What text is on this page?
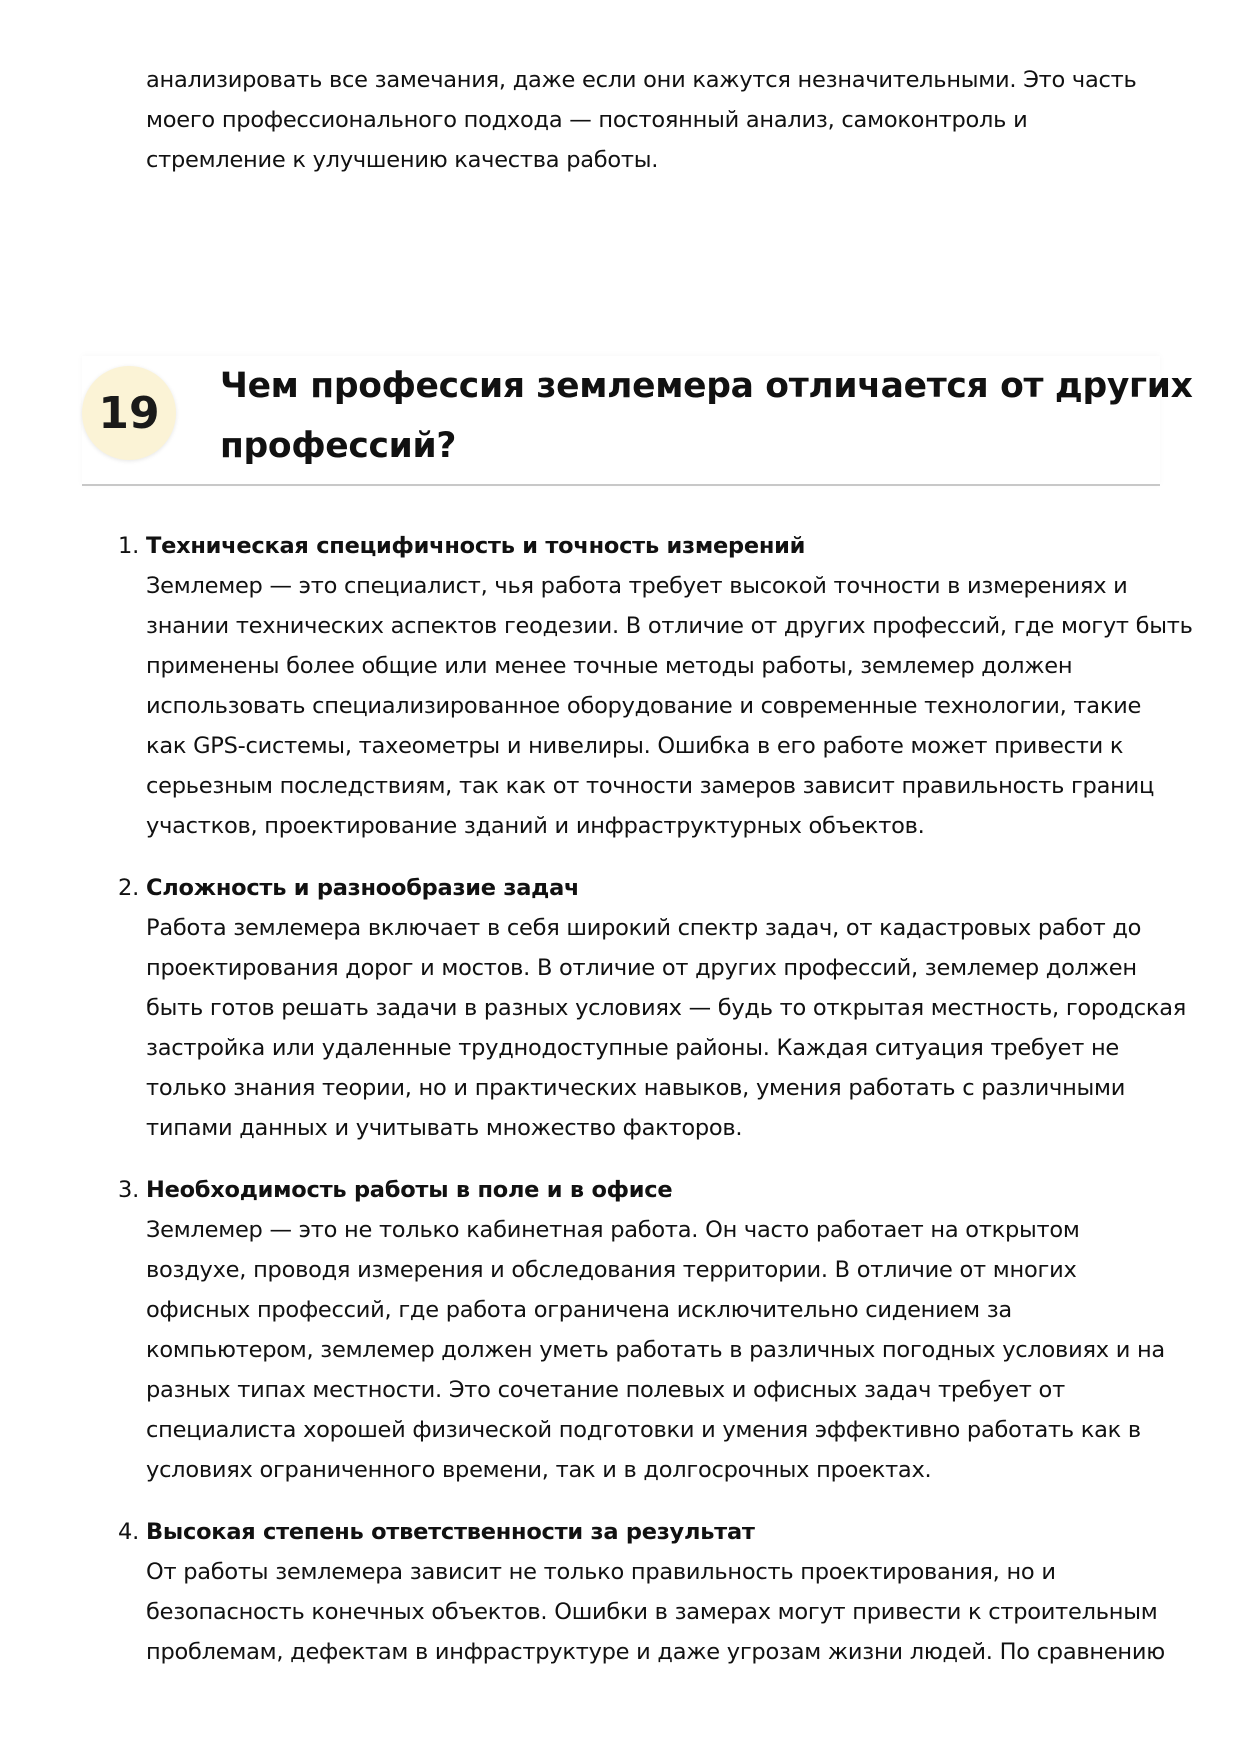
анализировать все замечания, даже если они кажутся незначительными. Это часть
моего профессионального подхода — постоянный анализ, самоконтроль и
стремление к улучшению качества работы.

19
Чем профессия землемера отличается от других
профессий?
1. Техническая специфичность и точность измерений
Землемер — это специалист, чья работа требует высокой точности в измерениях и
знании технических аспектов геодезии. В отличие от других профессий, где могут быть
применены более общие или менее точные методы работы, землемер должен
использовать специализированное оборудование и современные технологии, такие
как GPS-системы, тахеометры и нивелиры. Ошибка в его работе может привести к
серьезным последствиям, так как от точности замеров зависит правильность границ
участков, проектирование зданий и инфраструктурных объектов.
2. Сложность и разнообразие задач
Работа землемера включает в себя широкий спектр задач, от кадастровых работ до
проектирования дорог и мостов. В отличие от других профессий, землемер должен
быть готов решать задачи в разных условиях — будь то открытая местность, городская
застройка или удаленные труднодоступные районы. Каждая ситуация требует не
только знания теории, но и практических навыков, умения работать с различными
типами данных и учитывать множество факторов.
3. Необходимость работы в поле и в офисе
Землемер — это не только кабинетная работа. Он часто работает на открытом
воздухе, проводя измерения и обследования территории. В отличие от многих
офисных профессий, где работа ограничена исключительно сидением за
компьютером, землемер должен уметь работать в различных погодных условиях и на
разных типах местности. Это сочетание полевых и офисных задач требует от
специалиста хорошей физической подготовки и умения эффективно работать как в
условиях ограниченного времени, так и в долгосрочных проектах.
4. Высокая степень ответственности за результат
От работы землемера зависит не только правильность проектирования, но и
безопасность конечных объектов. Ошибки в замерах могут привести к строительным
проблемам, дефектам в инфраструктуре и даже угрозам жизни людей. По сравнению
